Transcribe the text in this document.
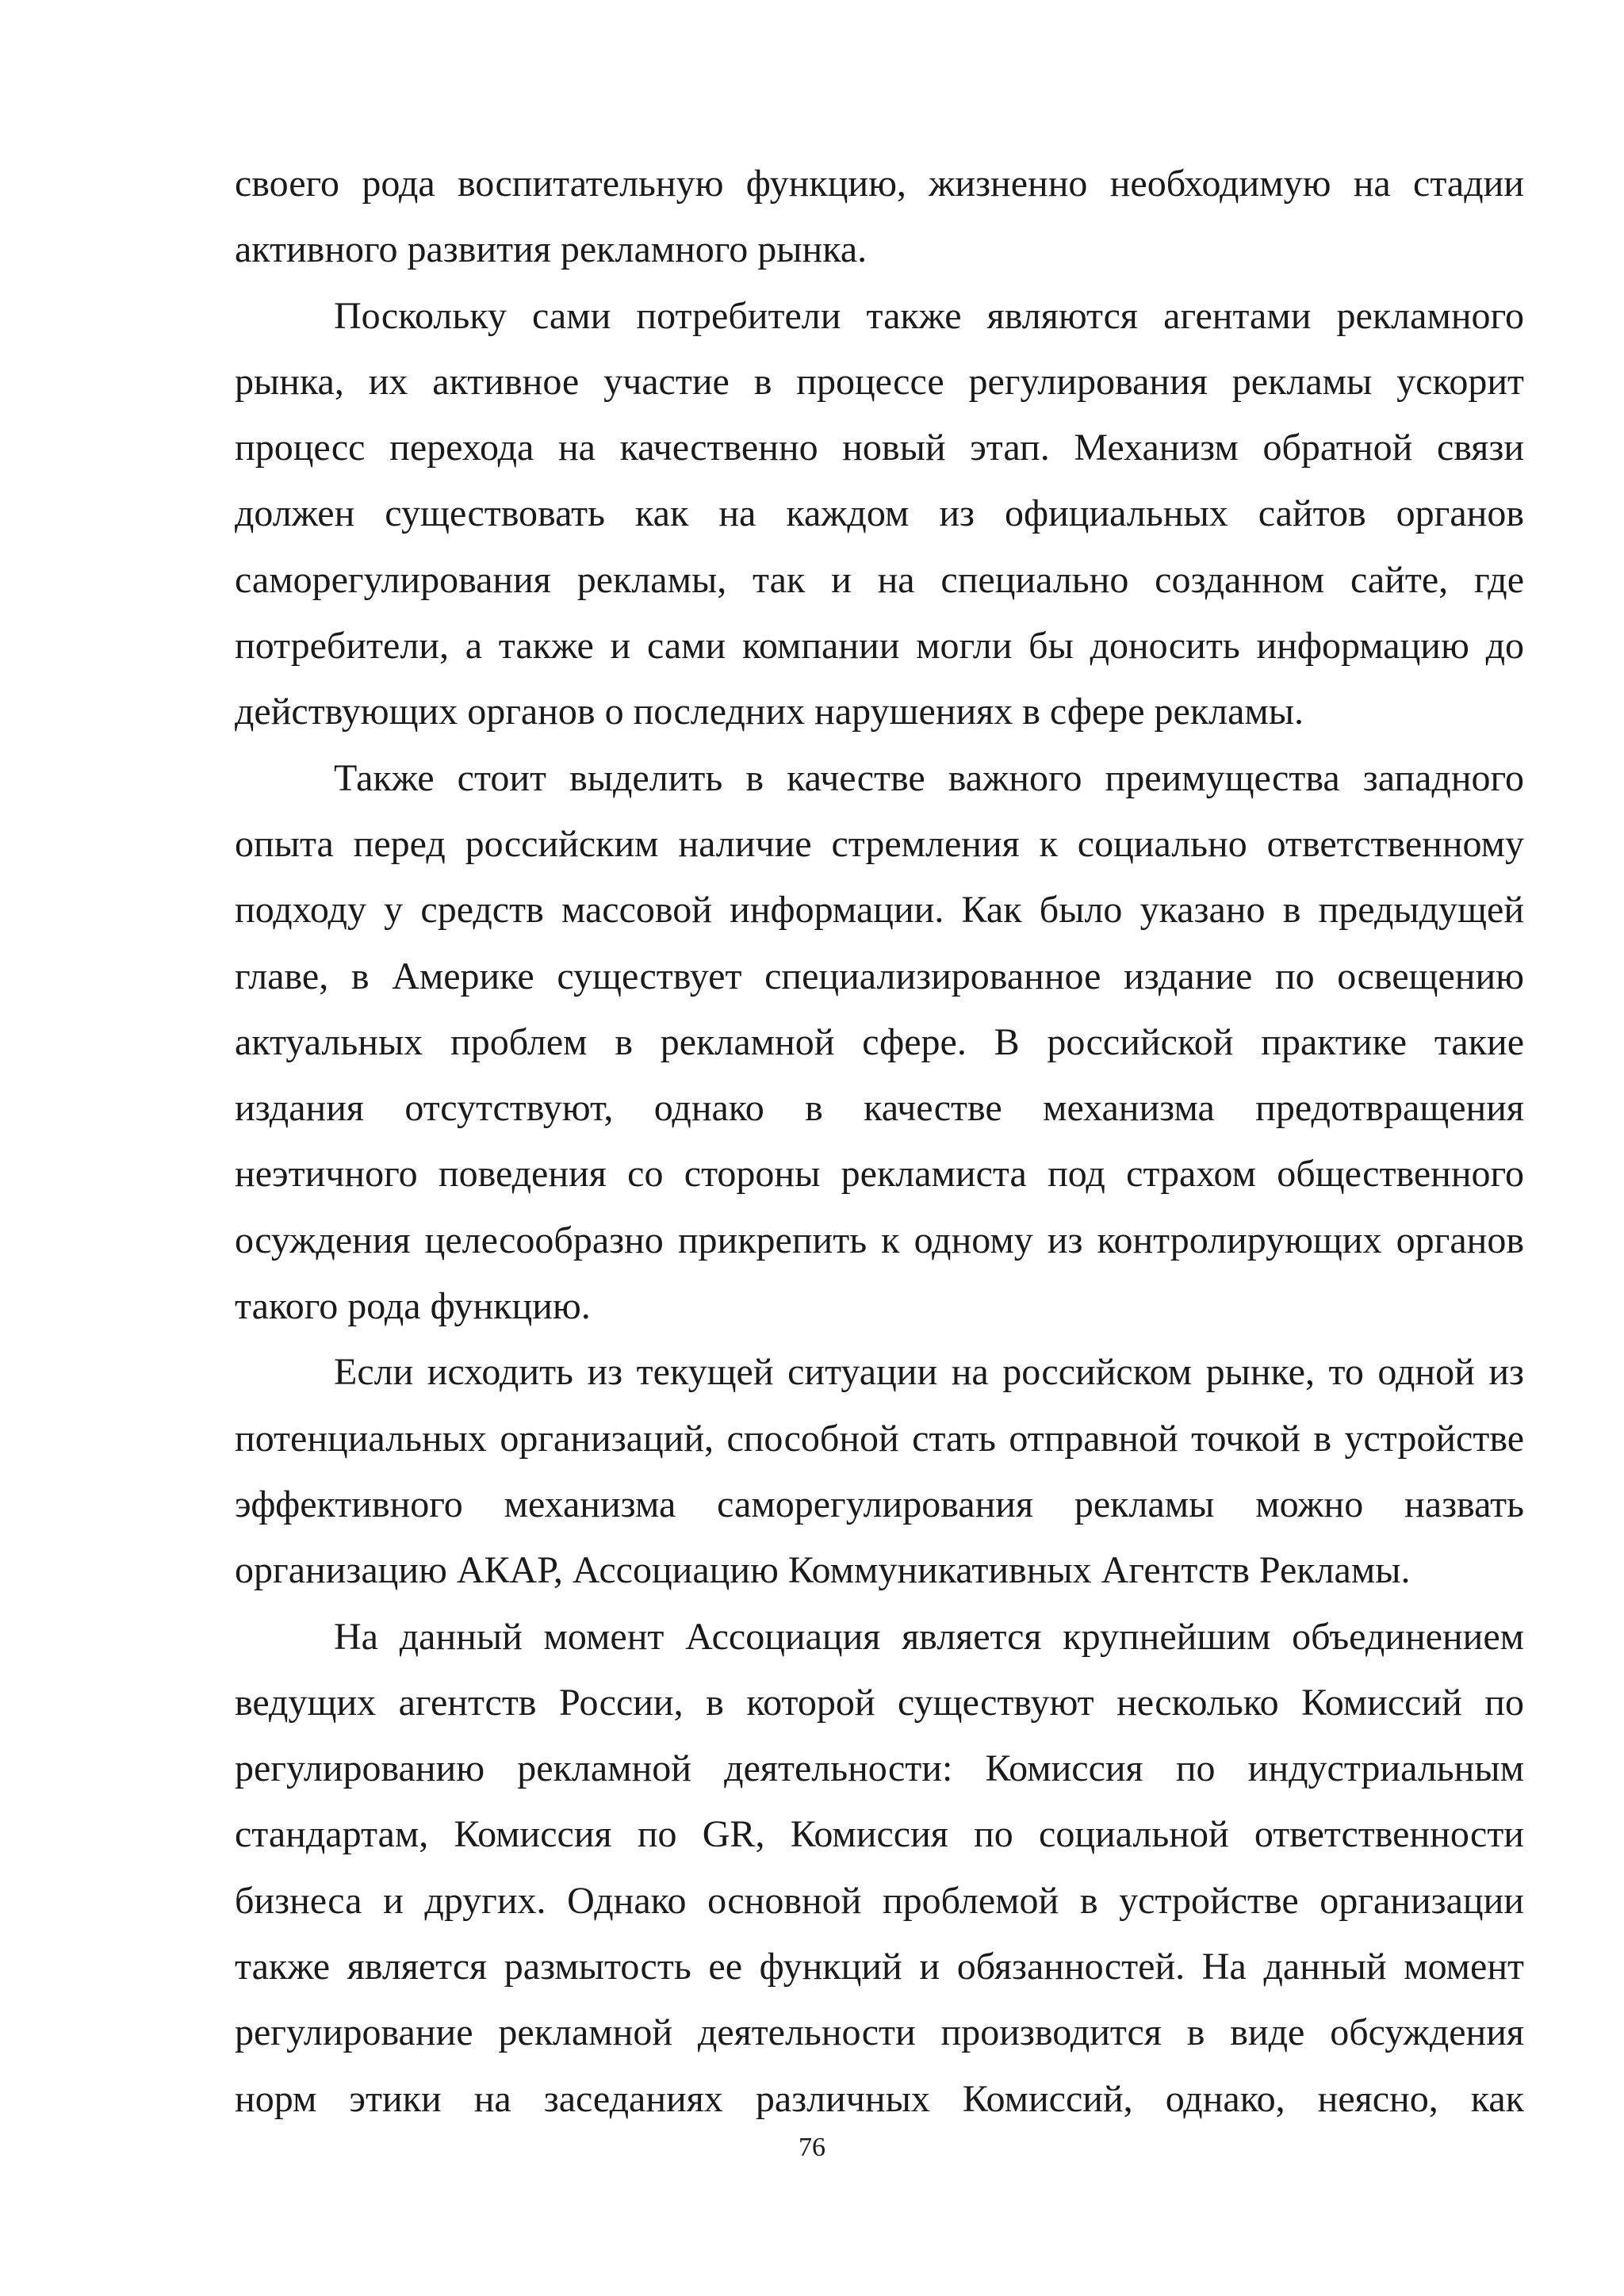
своего рода воспитательную функцию, жизненно необходимую на стадии
активного развития рекламного рынка.
Поскольку сами потребители также являются агентами рекламного
рынка, их активное участие в процессе регулирования рекламы ускорит
процесс перехода на качественно новый этап. Механизм обратной связи
должен существовать как на каждом из официальных сайтов органов
саморегулирования рекламы, так и на специально созданном сайте, где
потребители, а также и сами компании могли бы доносить информацию до
действующих органов о последних нарушениях в сфере рекламы.
Также стоит выделить в качестве важного преимущества западного
опыта перед российским наличие стремления к социально ответственному
подходу у средств массовой информации. Как было указано в предыдущей
главе, в Америке существует специализированное издание по освещению
актуальных проблем в рекламной сфере. В российской практике такие
издания отсутствуют, однако в качестве механизма предотвращения
неэтичного поведения со стороны рекламиста под страхом общественного
осуждения целесообразно прикрепить к одному из контролирующих органов
такого рода функцию.
Если исходить из текущей ситуации на российском рынке, то одной из
потенциальных организаций, способной стать отправной точкой в устройстве
эффективного механизма саморегулирования рекламы можно назвать
организацию АКАР, Ассоциацию Коммуникативных Агентств Рекламы.
На данный момент Ассоциация является крупнейшим объединением
ведущих агентств России, в которой существуют несколько Комиссий по
регулированию рекламной деятельности: Комиссия по индустриальным
стандартам, Комиссия по GR, Комиссия по социальной ответственности
бизнеса и других. Однако основной проблемой в устройстве организации
также является размытость ее функций и обязанностей. На данный момент
регулирование рекламной деятельности производится в виде обсуждения
норм этики на заседаниях различных Комиссий, однако, неясно, как
76
